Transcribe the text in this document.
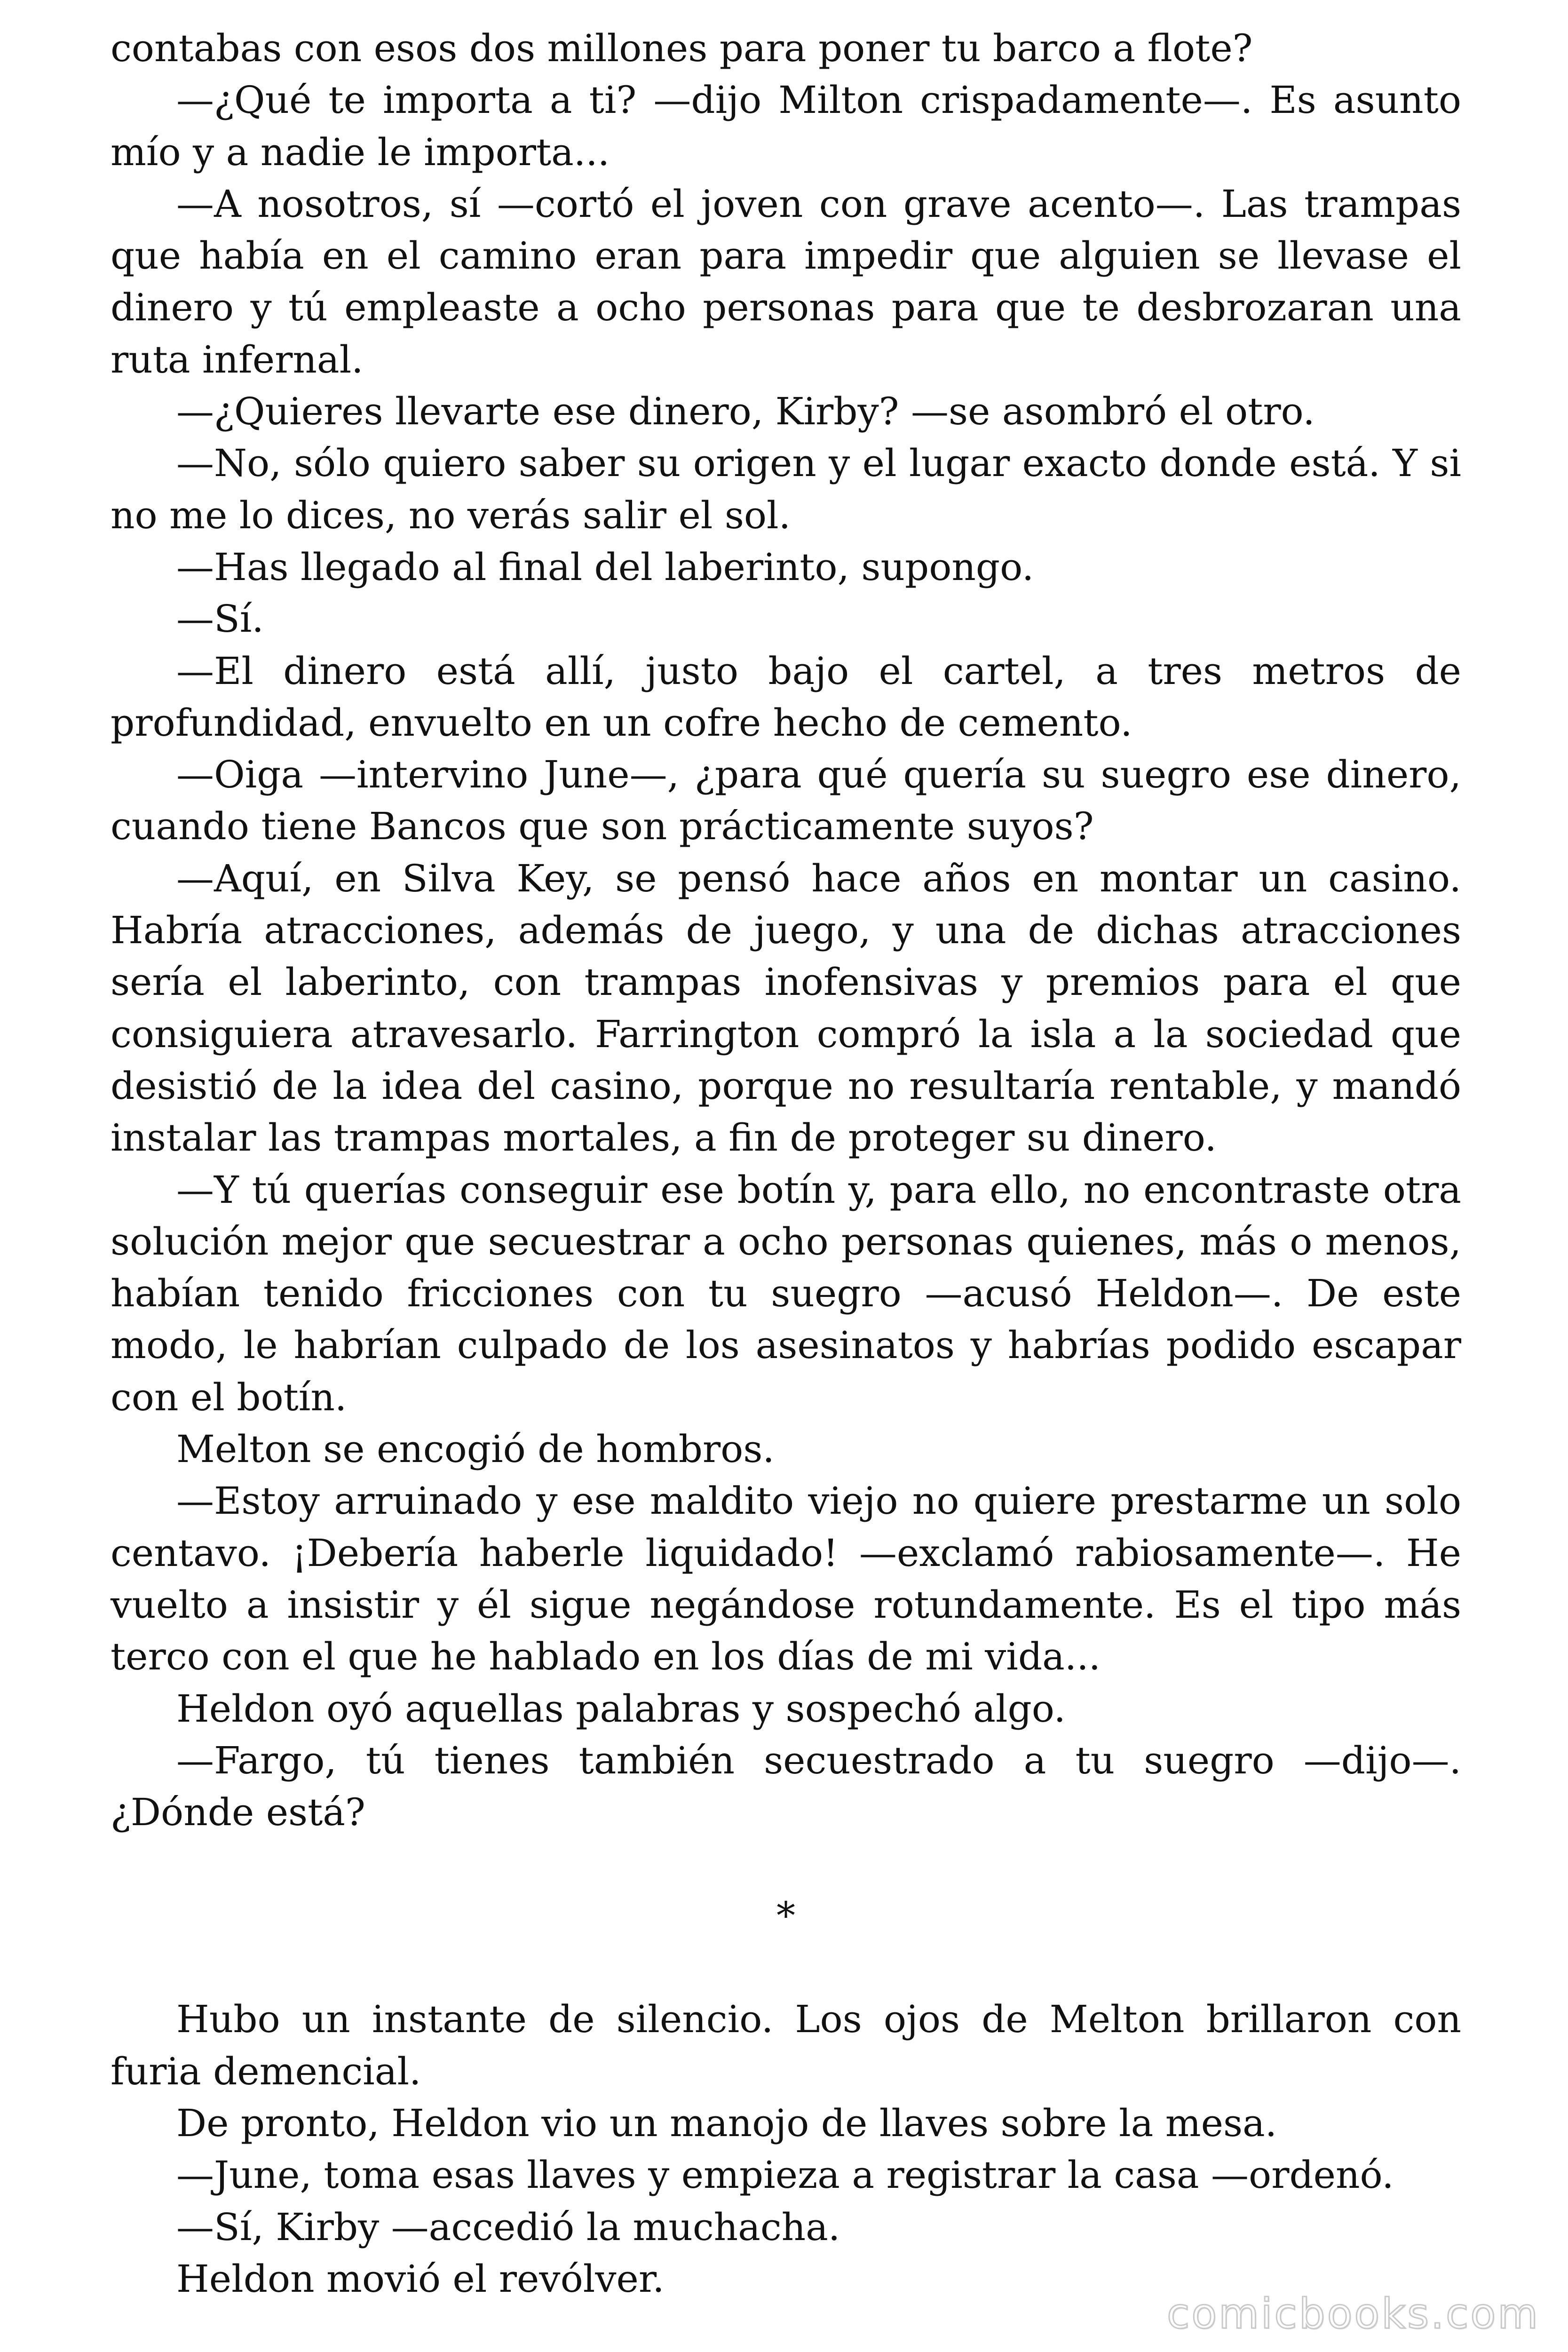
contabas con esos dos millones para poner tu barco a flote?

—¿Qué te importa a ti? —dijo Milton crispadamente—. Es asunto mío y a nadie le importa...

—A nosotros, sí —cortó el joven con grave acento—. Las trampas que había en el camino eran para impedir que alguien se llevase el dinero y tú empleaste a ocho personas para que te desbrozaran una ruta infernal.

—¿Quieres llevarte ese dinero, Kirby? —se asombró el otro.

—No, sólo quiero saber su origen y el lugar exacto donde está. Y si no me lo dices, no verás salir el sol.

—Has llegado al final del laberinto, supongo.

—Sí.

—El dinero está allí, justo bajo el cartel, a tres metros de profundidad, envuelto en un cofre hecho de cemento.

—Oiga —intervino June—, ¿para qué quería su suegro ese dinero, cuando tiene Bancos que son prácticamente suyos?

—Aquí, en Silva Key, se pensó hace años en montar un casino. Habría atracciones, además de juego, y una de dichas atracciones sería el laberinto, con trampas inofensivas y premios para el que consiguiera atravesarlo. Farrington compró la isla a la sociedad que desistió de la idea del casino, porque no resultaría rentable, y mandó instalar las trampas mortales, a fin de proteger su dinero.

—Y tú querías conseguir ese botín y, para ello, no encontraste otra solución mejor que secuestrar a ocho personas quienes, más o menos, habían tenido fricciones con tu suegro —acusó Heldon—. De este modo, le habrían culpado de los asesinatos y habrías podido escapar con el botín.

Melton se encogió de hombros.

—Estoy arruinado y ese maldito viejo no quiere prestarme un solo centavo. ¡Debería haberle liquidado! —exclamó rabiosamente—. He vuelto a insistir y él sigue negándose rotundamente. Es el tipo más terco con el que he hablado en los días de mi vida...

Heldon oyó aquellas palabras y sospechó algo.

—Fargo, tú tienes también secuestrado a tu suegro —dijo—. ¿Dónde está?

*

Hubo un instante de silencio. Los ojos de Melton brillaron con furia demencial.

De pronto, Heldon vio un manojo de llaves sobre la mesa.

—June, toma esas llaves y empieza a registrar la casa —ordenó.

—Sí, Kirby —accedió la muchacha.

Heldon movió el revólver.

comicbooks.com
